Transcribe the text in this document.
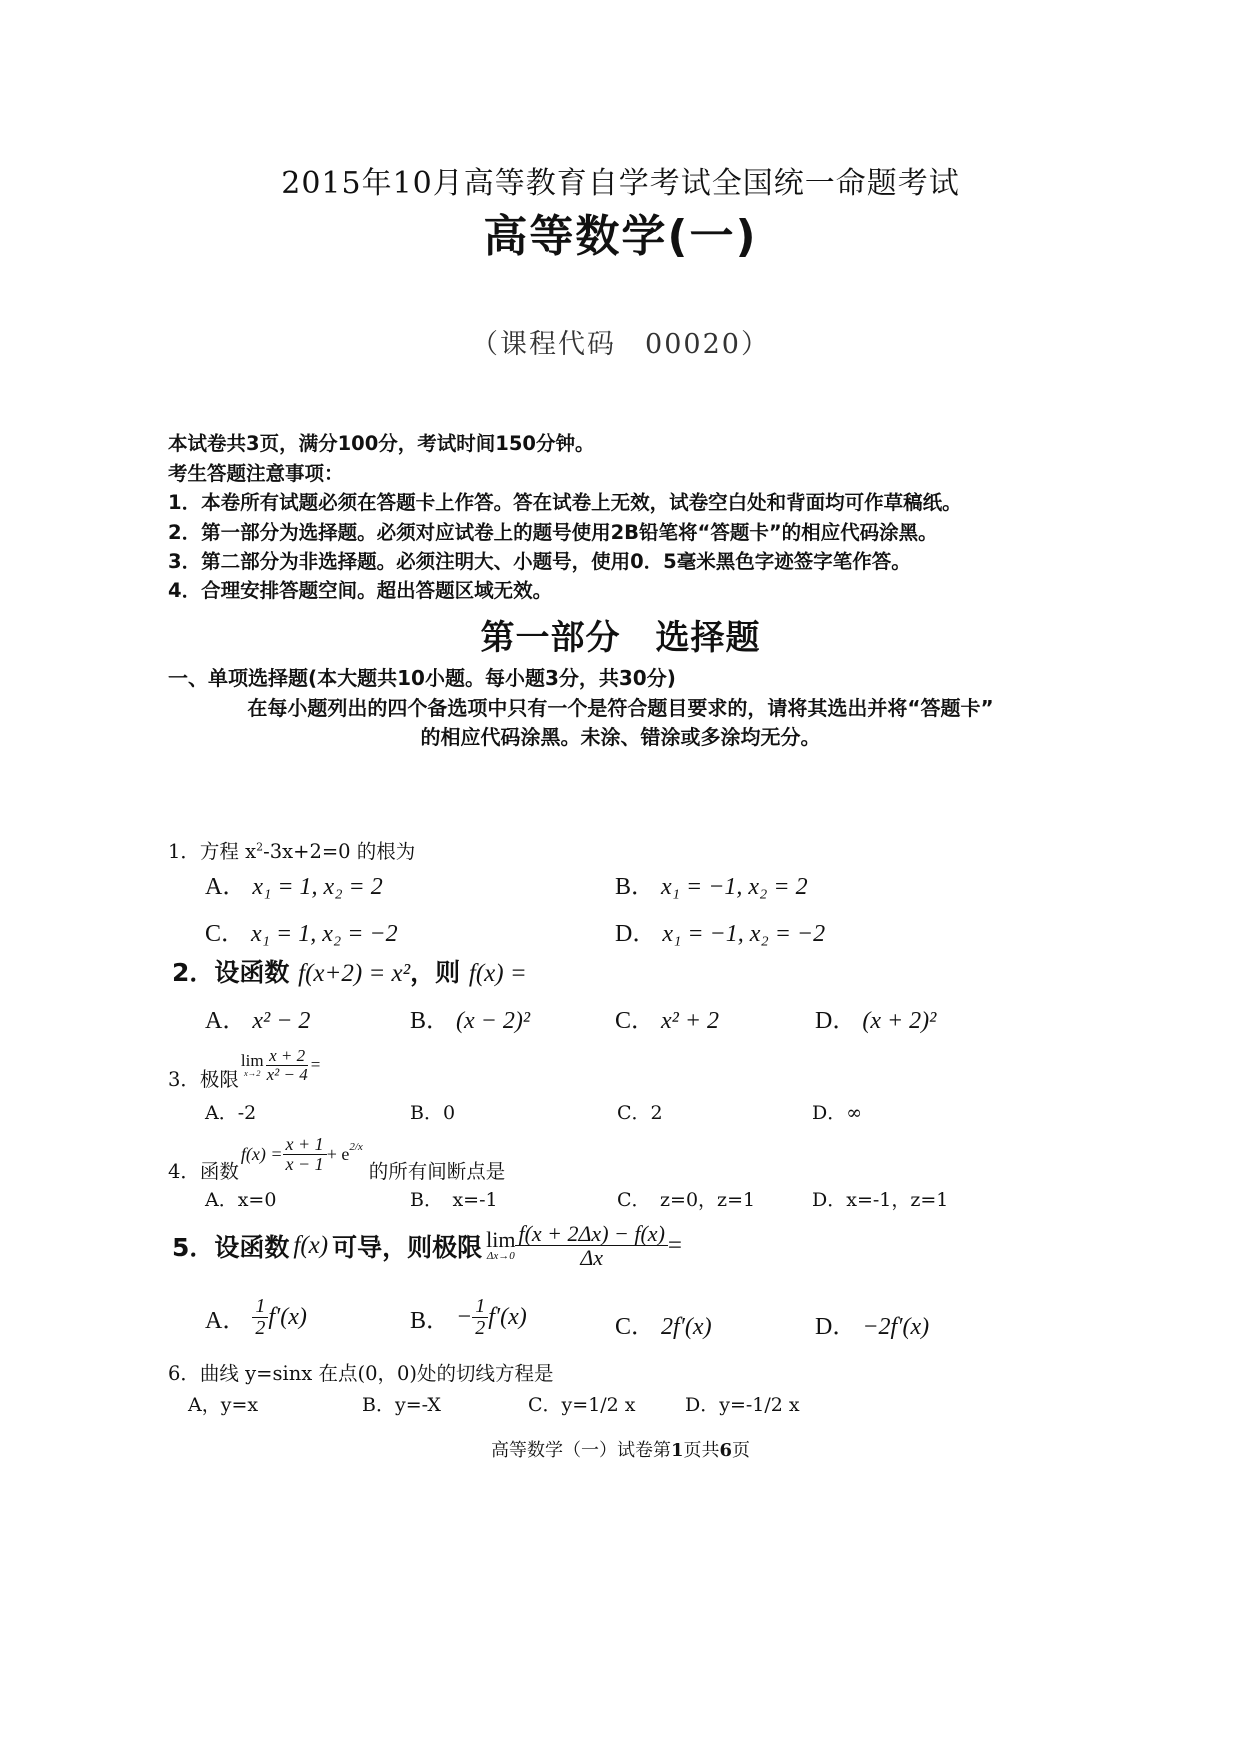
2015年10月高等教育自学考试全国统一命题考试
高等数学(一)
（课程代码　00020）
本试卷共3页，满分100分，考试时间150分钟。
考生答题注意事项：
1．本卷所有试题必须在答题卡上作答。答在试卷上无效，试卷空白处和背面均可作草稿纸。
2．第一部分为选择题。必须对应试卷上的题号使用2B铅笔将“答题卡”的相应代码涂黑。
3．第二部分为非选择题。必须注明大、小题号，使用0．5毫米黑色字迹签字笔作答。
4．合理安排答题空间。超出答题区域无效。
第一部分　选择题
一、单项选择题(本大题共10小题。每小题3分，共30分)
在每小题列出的四个备选项中只有一个是符合题目要求的，请将其选出并将“答题卡”
的相应代码涂黑。未涂、错涂或多涂均无分。
1．方程 $x^2-3x+2=0$ 的根为
A． x₁ = 1, x₂ = 2	B． x₁ = −1, x₂ = 2
C． x₁ = 1, x₂ = −2	D． x₁ = −1, x₂ = −2
2．设函数 f(x+2) = x²，则 f(x) =
A． x² − 2	B． (x − 2)²	C． x² + 2	D． (x + 2)²
3．极限
lim
$x\to 2 \frac{x + 2}{\text{x² − 4}}$ =
A．-2	B．0	C．2	D．∞
4．函数
$f(x) = \frac{x + 1}{x - 1} + e^{2/x}$
的所有间断点是
A．x=0	B．　x=-1	C．　z=0，z=1	D．x=-1，z=1
5．设函数 f(x) 可导，则极限 lim
$\Delta x\to 0 \frac{f(x + 2\Delta x) - f(x)}{\Delta x}$ =
A．
$\frac{1}{2} f'(x)$	B．
− $\frac{1}{2} f'(x)$	C． 2f′(x)	D． −2f′(x)
6．曲线 y=sinx 在点(0，0)处的切线方程是
A，y=x	B．y=-X	C．y=1/2 x	D．y=-1/2 x
高等数学（一）试卷第1页共6页
